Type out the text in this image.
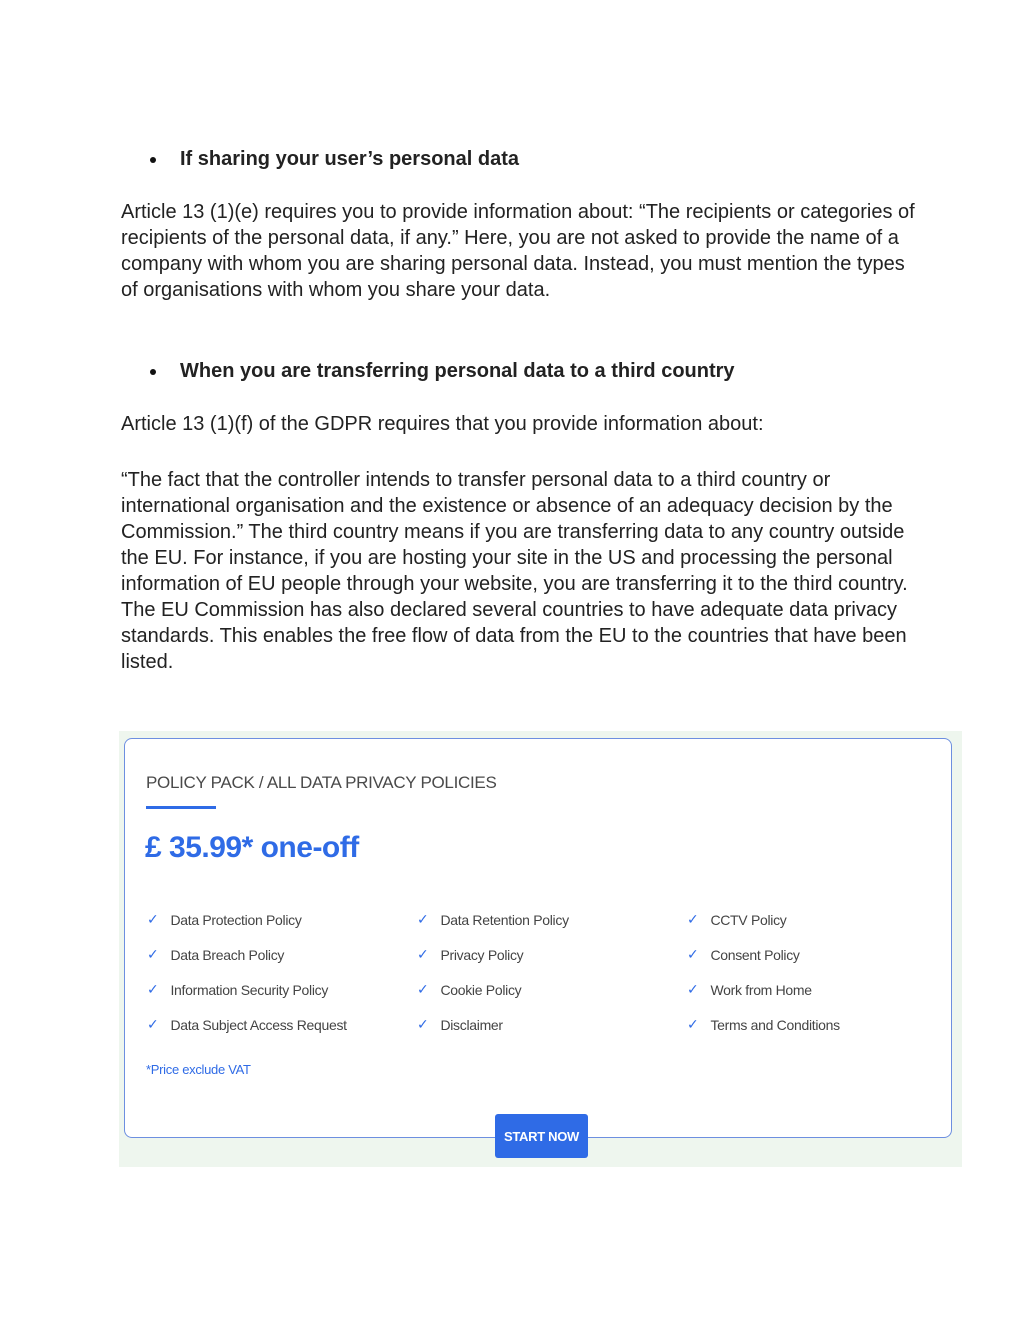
If sharing your user’s personal data

Article 13 (1)(e) requires you to provide information about: “The recipients or categories of recipients of the personal data, if any.” Here, you are not asked to provide the name of a company with whom you are sharing personal data. Instead, you must mention the types of organisations with whom you share your data.

When you are transferring personal data to a third country

Article 13 (1)(f) of the GDPR requires that you provide information about:

“The fact that the controller intends to transfer personal data to a third country or international organisation and the existence or absence of an adequacy decision by the Commission.” The third country means if you are transferring data to any country outside the EU. For instance, if you are hosting your site in the US and processing the personal information of EU people through your website, you are transferring it to the third country. The EU Commission has also declared several countries to have adequate data privacy standards. This enables the free flow of data from the EU to the countries that have been listed.

POLICY PACK / ALL DATA PRIVACY POLICIES
£ 35.99* one-off
✓ Data Protection Policy
✓ Data Breach Policy
✓ Information Security Policy
✓ Data Subject Access Request
✓ Data Retention Policy
✓ Privacy Policy
✓ Cookie Policy
✓ Disclaimer
✓ CCTV Policy
✓ Consent Policy
✓ Work from Home
✓ Terms and Conditions
*Price exclude VAT
START NOW
